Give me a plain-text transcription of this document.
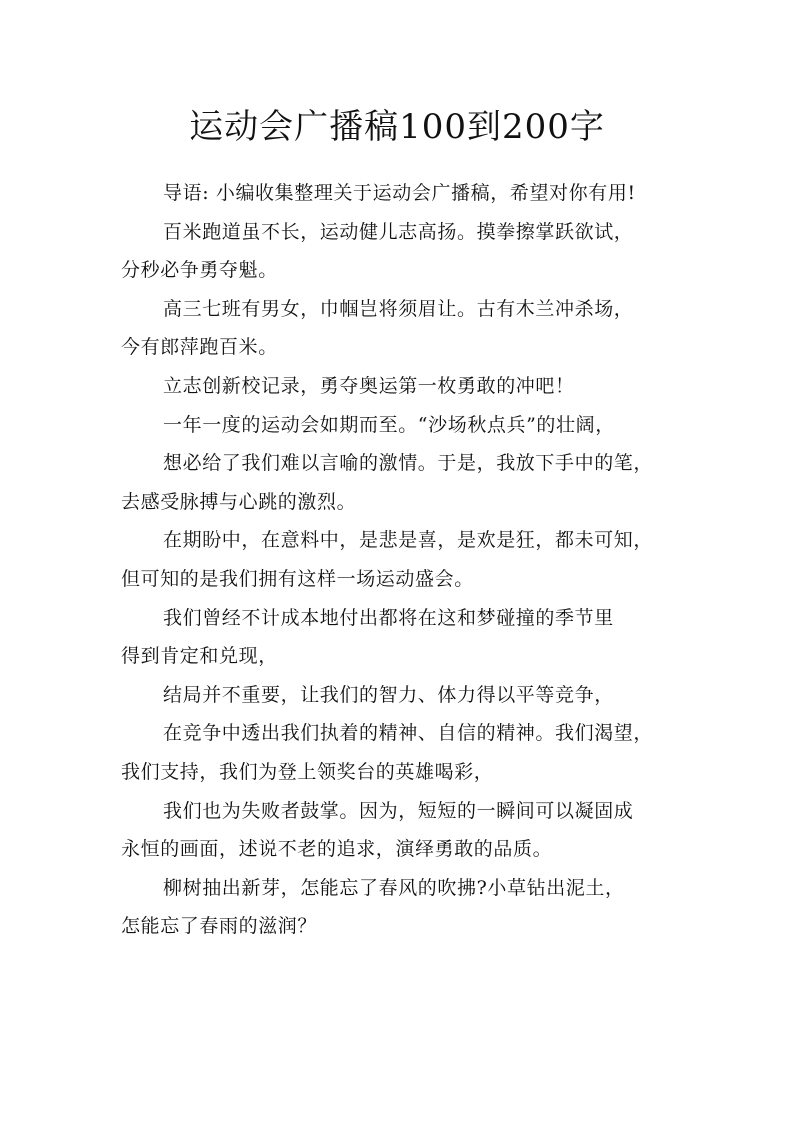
运动会广播稿100到200字
导语: 小编收集整理关于运动会广播稿，希望对你有用!
百米跑道虽不长，运动健儿志高扬。摸拳擦掌跃欲试，
分秒必争勇夺魁。
高三七班有男女，巾帼岂将须眉让。古有木兰冲杀场，
今有郎萍跑百米。
立志创新校记录，勇夺奥运第一枚勇敢的冲吧！
一年一度的运动会如期而至。“沙场秋点兵”的壮阔，
想必给了我们难以言喻的激情。于是，我放下手中的笔，
去感受脉搏与心跳的激烈。
在期盼中，在意料中，是悲是喜，是欢是狂，都未可知，
但可知的是我们拥有这样一场运动盛会。
我们曾经不计成本地付出都将在这和梦碰撞的季节里
得到肯定和兑现，
结局并不重要，让我们的智力、体力得以平等竞争，
在竞争中透出我们执着的精神、自信的精神。我们渴望，
我们支持，我们为登上领奖台的英雄喝彩，
我们也为失败者鼓掌。因为，短短的一瞬间可以凝固成
永恒的画面，述说不老的追求，演绎勇敢的品质。
柳树抽出新芽，怎能忘了春风的吹拂?小草钻出泥土，
怎能忘了春雨的滋润？
